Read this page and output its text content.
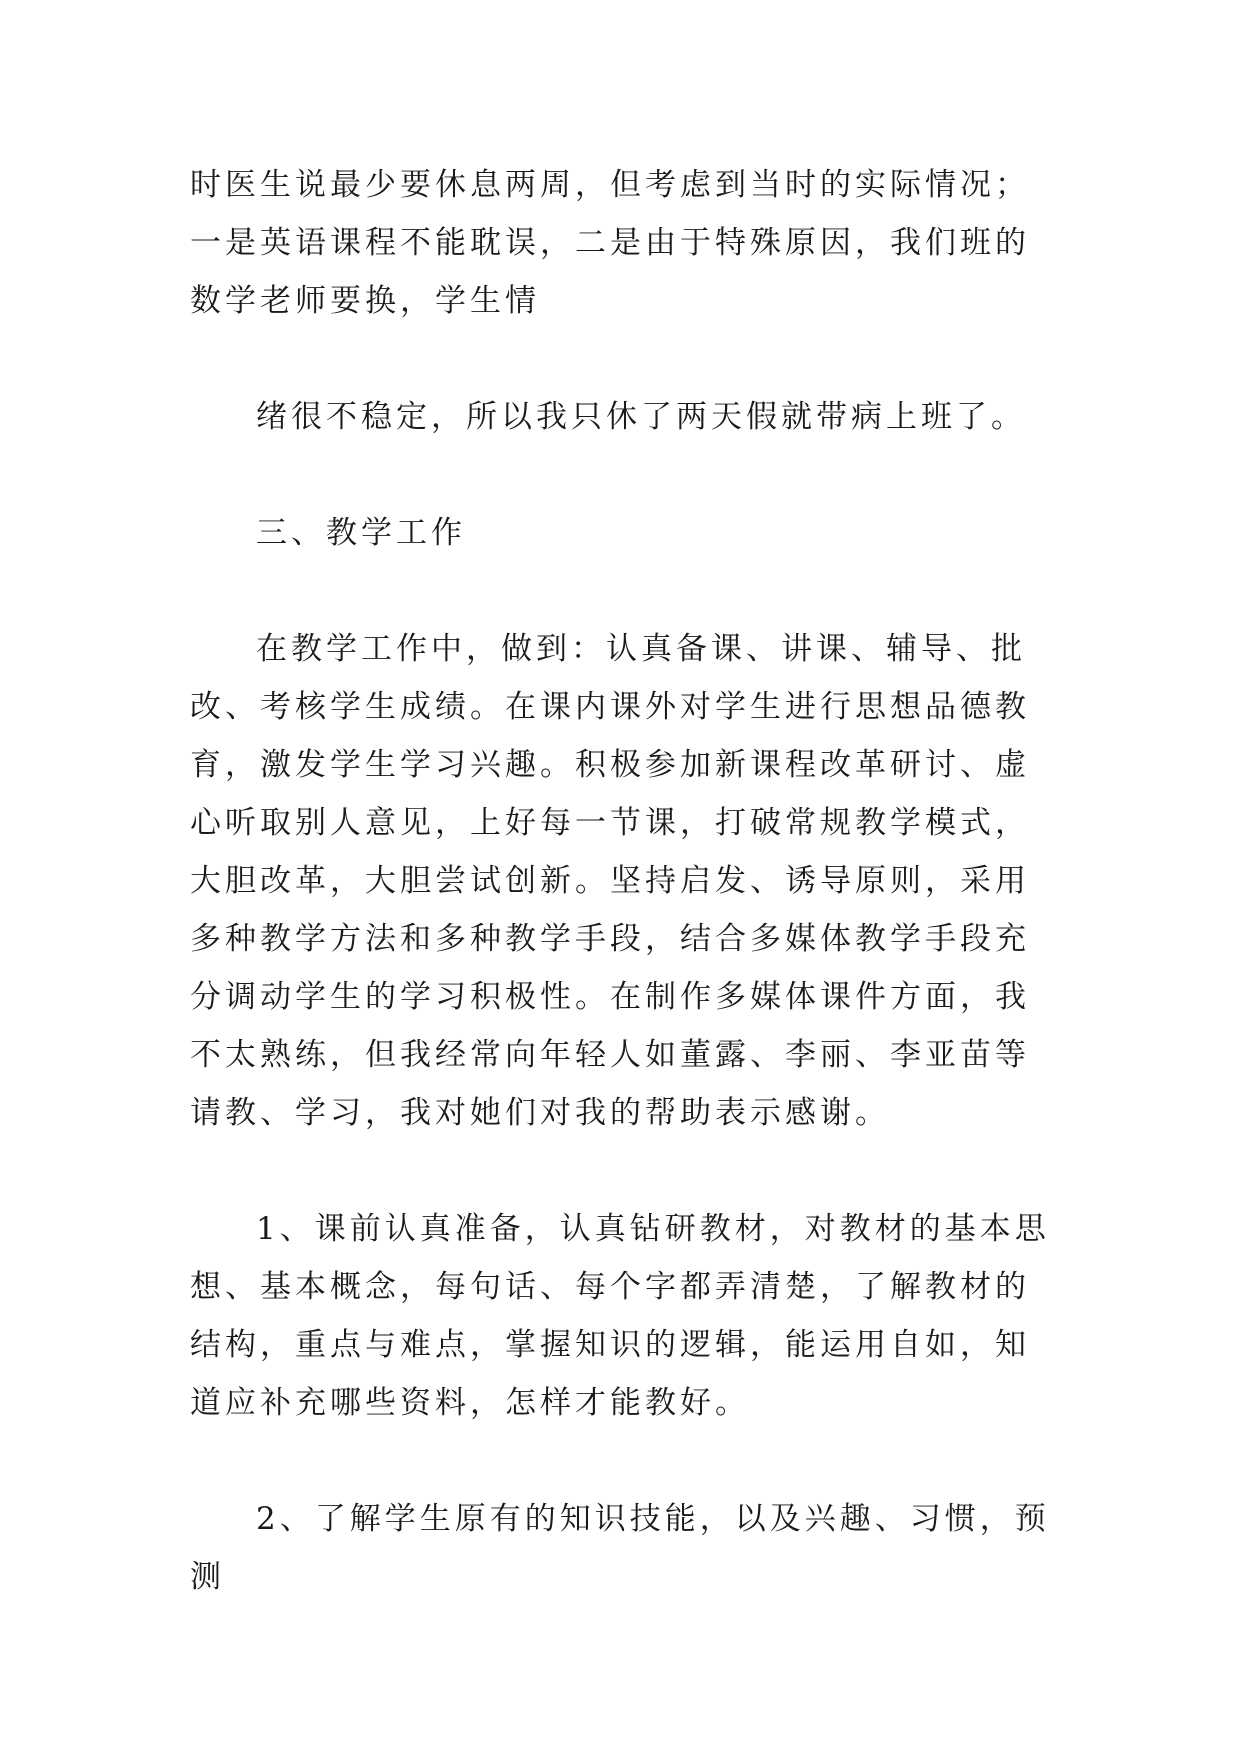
时医生说最少要休息两周，但考虑到当时的实际情况；一是英语课程不能耽误，二是由于特殊原因，我们班的数学老师要换，学生情

绪很不稳定，所以我只休了两天假就带病上班了。

三、教学工作

在教学工作中，做到：认真备课、讲课、辅导、批改、考核学生成绩。在课内课外对学生进行思想品德教育，激发学生学习兴趣。积极参加新课程改革研讨、虚心听取别人意见，上好每一节课，打破常规教学模式，大胆改革，大胆尝试创新。坚持启发、诱导原则，采用多种教学方法和多种教学手段，结合多媒体教学手段充分调动学生的学习积极性。在制作多媒体课件方面，我不太熟练，但我经常向年轻人如董露、李丽、李亚苗等请教、学习，我对她们对我的帮助表示感谢。

1、课前认真准备，认真钻研教材，对教材的基本思想、基本概念，每句话、每个字都弄清楚，了解教材的结构，重点与难点，掌握知识的逻辑，能运用自如，知道应补充哪些资料，怎样才能教好。

2、了解学生原有的知识技能，以及兴趣、习惯，预测
